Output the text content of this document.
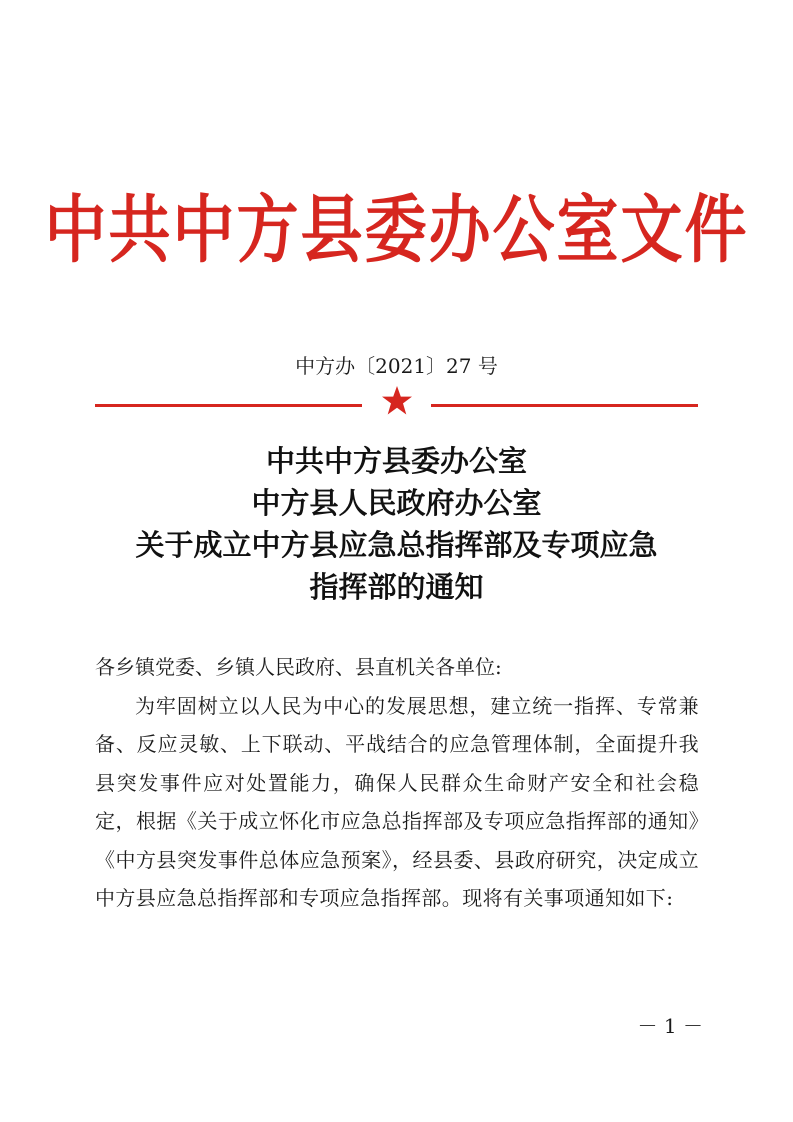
中共中方县委办公室文件
中方办〔2021〕27 号
中共中方县委办公室
中方县人民政府办公室
关于成立中方县应急总指挥部及专项应急
指挥部的通知
各乡镇党委、乡镇人民政府、县直机关各单位:
为牢固树立以人民为中心的发展思想，建立统一指挥、专常兼备、反应灵敏、上下联动、平战结合的应急管理体制，全面提升我县突发事件应对处置能力，确保人民群众生命财产安全和社会稳定，根据《关于成立怀化市应急总指挥部及专项应急指挥部的通知》《中方县突发事件总体应急预案》，经县委、县政府研究，决定成立中方县应急总指挥部和专项应急指挥部。现将有关事项通知如下:
－ 1 －
